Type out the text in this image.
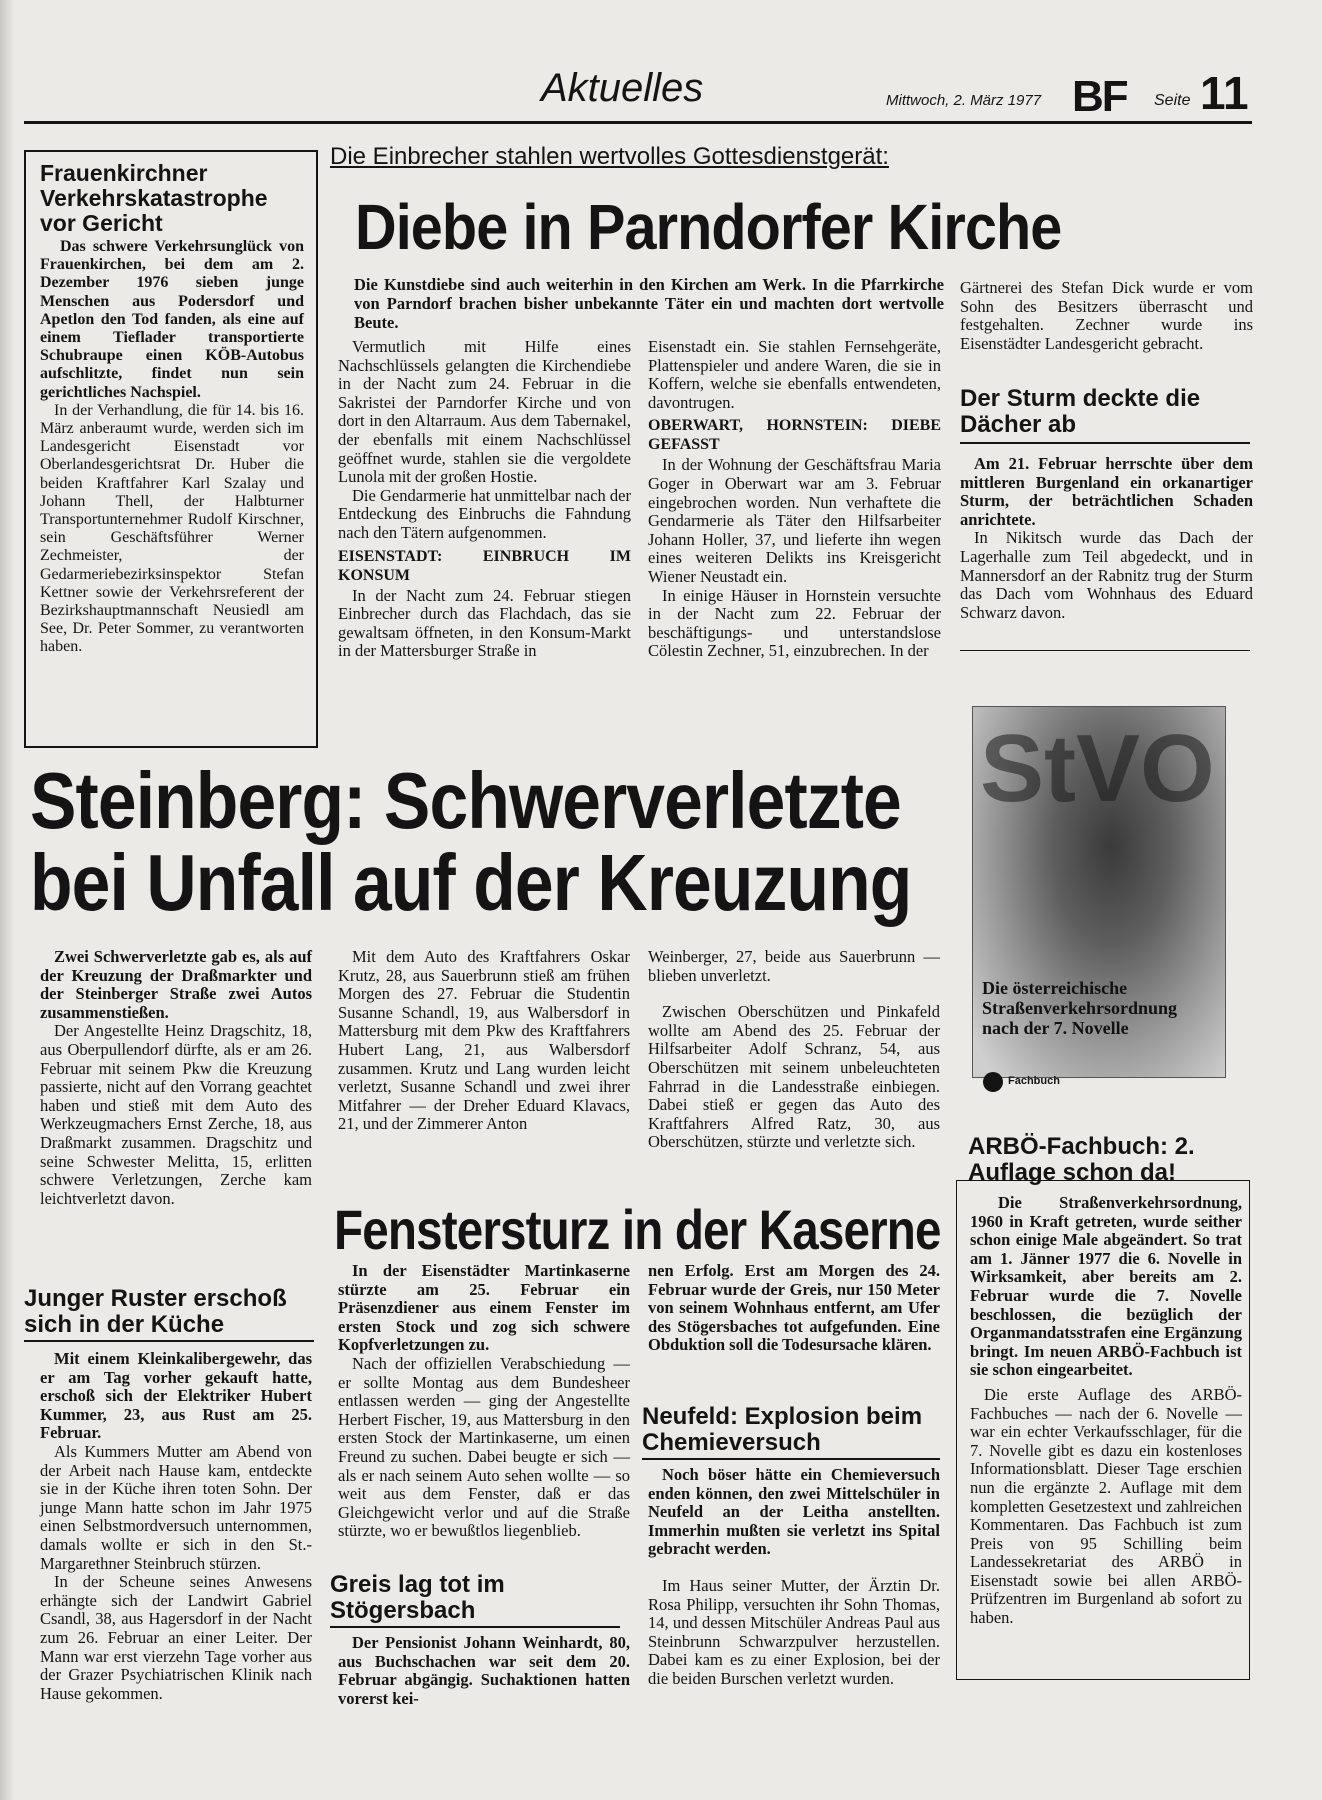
Aktuelles	Mittwoch, 2. März 1977 BF Seite 11
Frauenkirchner Verkehrskatastrophe vor Gericht

Das schwere Verkehrsunglück von Frauenkirchen, bei dem am 2. Dezember 1976 sieben junge Menschen aus Podersdorf und Apetlon den Tod fanden, als eine auf einem Tieflader transportierte Schubraupe einen KÖB-Autobus aufschlitzte, findet nun sein gerichtliches Nachspiel.

In der Verhandlung, die für 14. bis 16. März anberaumt wurde, werden sich im Landesgericht Eisenstadt vor Oberlandesgerichtsrat Dr. Huber die beiden Kraftfahrer Karl Szalay und Johann Thell, der Halbturner Transportunternehmer Rudolf Kirschner, sein Geschäftsführer Werner Zechmeister, der Gedarmeriebezirksinspektor Stefan Kettner sowie der Verkehrsreferent der Bezirkshauptmannschaft Neusiedl am See, Dr. Peter Sommer, zu verantworten haben.

Die Einbrecher stahlen wertvolles Gottesdienstgerät:
Diebe in Parndorfer Kirche
Die Kunstdiebe sind auch weiterhin in den Kirchen am Werk. In die Pfarrkirche von Parndorf brachen bisher unbekannte Täter ein und machten dort wertvolle Beute.

Vermutlich mit Hilfe eines Nachschlüssels gelangten die Kirchendiebe in der Nacht zum 24. Februar in die Sakristei der Parndorfer Kirche und von dort in den Altarraum. Aus dem Tabernakel, der ebenfalls mit einem Nachschlüssel geöffnet wurde, stahlen sie die vergoldete Lunola mit der großen Hostie.

Die Gendarmerie hat unmittelbar nach der Entdeckung des Einbruchs die Fahndung nach den Tätern aufgenommen.

EISENSTADT: EINBRUCH IM KONSUM

In der Nacht zum 24. Februar stiegen Einbrecher durch das Flachdach, das sie gewaltsam öffneten, in den Konsum-Markt in der Mattersburger Straße in

Eisenstadt ein. Sie stahlen Fernsehgeräte, Plattenspieler und andere Waren, die sie in Koffern, welche sie ebenfalls entwendeten, davontrugen.

OBERWART, HORNSTEIN: DIEBE GEFASST

In der Wohnung der Geschäftsfrau Maria Goger in Oberwart war am 3. Februar eingebrochen worden. Nun verhaftete die Gendarmerie als Täter den Hilfsarbeiter Johann Holler, 37, und lieferte ihn wegen eines weiteren Delikts ins Kreisgericht Wiener Neustadt ein.

In einige Häuser in Hornstein versuchte in der Nacht zum 22. Februar der beschäftigungs- und unterstandslose Cölestin Zechner, 51, einzubrechen. In der

Gärtnerei des Stefan Dick wurde er vom Sohn des Besitzers überrascht und festgehalten. Zechner wurde ins Eisenstädter Landesgericht gebracht.

Der Sturm deckte die Dächer ab

Am 21. Februar herrschte über dem mittleren Burgenland ein orkanartiger Sturm, der beträchtlichen Schaden anrichtete.

In Nikitsch wurde das Dach der Lagerhalle zum Teil abgedeckt, und in Mannersdorf an der Rabnitz trug der Sturm das Dach vom Wohnhaus des Eduard Schwarz davon.

Steinberg: Schwerverletzte
bei Unfall auf der Kreuzung

Zwei Schwerverletzte gab es, als auf der Kreuzung der Draßmarkter und der Steinberger Straße zwei Autos zusammenstießen.

Der Angestellte Heinz Dragschitz, 18, aus Oberpullendorf dürfte, als er am 26. Februar mit seinem Pkw die Kreuzung passierte, nicht auf den Vorrang geachtet haben und stieß mit dem Auto des Werkzeugmachers Ernst Zerche, 18, aus Draßmarkt zusammen. Dragschitz und seine Schwester Melitta, 15, erlitten schwere Verletzungen, Zerche kam leichtverletzt davon.

Mit dem Auto des Kraftfahrers Oskar Krutz, 28, aus Sauerbrunn stieß am frühen Morgen des 27. Februar die Studentin Susanne Schandl, 19, aus Walbersdorf in Mattersburg mit dem Pkw des Kraftfahrers Hubert Lang, 21, aus Walbersdorf zusammen. Krutz und Lang wurden leicht verletzt, Susanne Schandl und zwei ihrer Mitfahrer — der Dreher Eduard Klavacs, 21, und der Zimmerer Anton

Weinberger, 27, beide aus Sauerbrunn — blieben unverletzt.

Zwischen Oberschützen und Pinkafeld wollte am Abend des 25. Februar der Hilfsarbeiter Adolf Schranz, 54, aus Oberschützen mit seinem unbeleuchteten Fahrrad in die Landesstraße einbiegen. Dabei stieß er gegen das Auto des Kraftfahrers Alfred Ratz, 30, aus Oberschützen, stürzte und verletzte sich.

Junger Ruster erschoß sich in der Küche

Mit einem Kleinkalibergewehr, das er am Tag vorher gekauft hatte, erschoß sich der Elektriker Hubert Kummer, 23, aus Rust am 25. Februar.

Als Kummers Mutter am Abend von der Arbeit nach Hause kam, entdeckte sie in der Küche ihren toten Sohn. Der junge Mann hatte schon im Jahr 1975 einen Selbstmordversuch unternommen, damals wollte er sich in den St.-Margarethner Steinbruch stürzen.

In der Scheune seines Anwesens erhängte sich der Landwirt Gabriel Csandl, 38, aus Hagersdorf in der Nacht zum 26. Februar an einer Leiter. Der Mann war erst vierzehn Tage vorher aus der Grazer Psychiatrischen Klinik nach Hause gekommen.

Fenstersturz in der Kaserne

In der Eisenstädter Martinkaserne stürzte am 25. Februar ein Präsenzdiener aus einem Fenster im ersten Stock und zog sich schwere Kopfverletzungen zu.

Nach der offiziellen Verabschiedung — er sollte Montag aus dem Bundesheer entlassen werden — ging der Angestellte Herbert Fischer, 19, aus Mattersburg in den ersten Stock der Martinkaserne, um einen Freund zu suchen. Dabei beugte er sich — als er nach seinem Auto sehen wollte — so weit aus dem Fenster, daß er das Gleichgewicht verlor und auf die Straße stürzte, wo er bewußtlos liegenblieb.

Greis lag tot im Stögersbach

Der Pensionist Johann Weinhardt, 80, aus Buchschachen war seit dem 20. Februar abgängig. Suchaktionen hatten vorerst kei-

nen Erfolg. Erst am Morgen des 24. Februar wurde der Greis, nur 150 Meter von seinem Wohnhaus entfernt, am Ufer des Stögersbaches tot aufgefunden. Eine Obduktion soll die Todesursache klären.
Neufeld: Explosion beim Chemieversuch

Noch böser hätte ein Chemieversuch enden können, den zwei Mittelschüler in Neufeld an der Leitha anstellten. Immerhin mußten sie verletzt ins Spital gebracht werden.

Im Haus seiner Mutter, der Ärztin Dr. Rosa Philipp, versuchten ihr Sohn Thomas, 14, und dessen Mitschüler Andreas Paul aus Steinbrunn Schwarzpulver herzustellen. Dabei kam es zu einer Explosion, bei der die beiden Burschen verletzt wurden.

StVO
Die österreichische Straßenverkehrsordnung nach der 7. Novelle
Fachbuch
ARBÖ-Fachbuch: 2. Auflage schon da!

Die Straßenverkehrsordnung, 1960 in Kraft getreten, wurde seither schon einige Male abgeändert. So trat am 1. Jänner 1977 die 6. Novelle in Wirksamkeit, aber bereits am 2. Februar wurde die 7. Novelle beschlossen, die bezüglich der Organmandatsstrafen eine Ergänzung bringt. Im neuen ARBÖ-Fachbuch ist sie schon eingearbeitet.

Die erste Auflage des ARBÖ-Fachbuches — nach der 6. Novelle — war ein echter Verkaufsschlager, für die 7. Novelle gibt es dazu ein kostenloses Informationsblatt. Dieser Tage erschien nun die ergänzte 2. Auflage mit dem kompletten Gesetzestext und zahlreichen Kommentaren. Das Fachbuch ist zum Preis von 95 Schilling beim Landessekretariat des ARBÖ in Eisenstadt sowie bei allen ARBÖ-Prüfzentren im Burgenland ab sofort zu haben.
